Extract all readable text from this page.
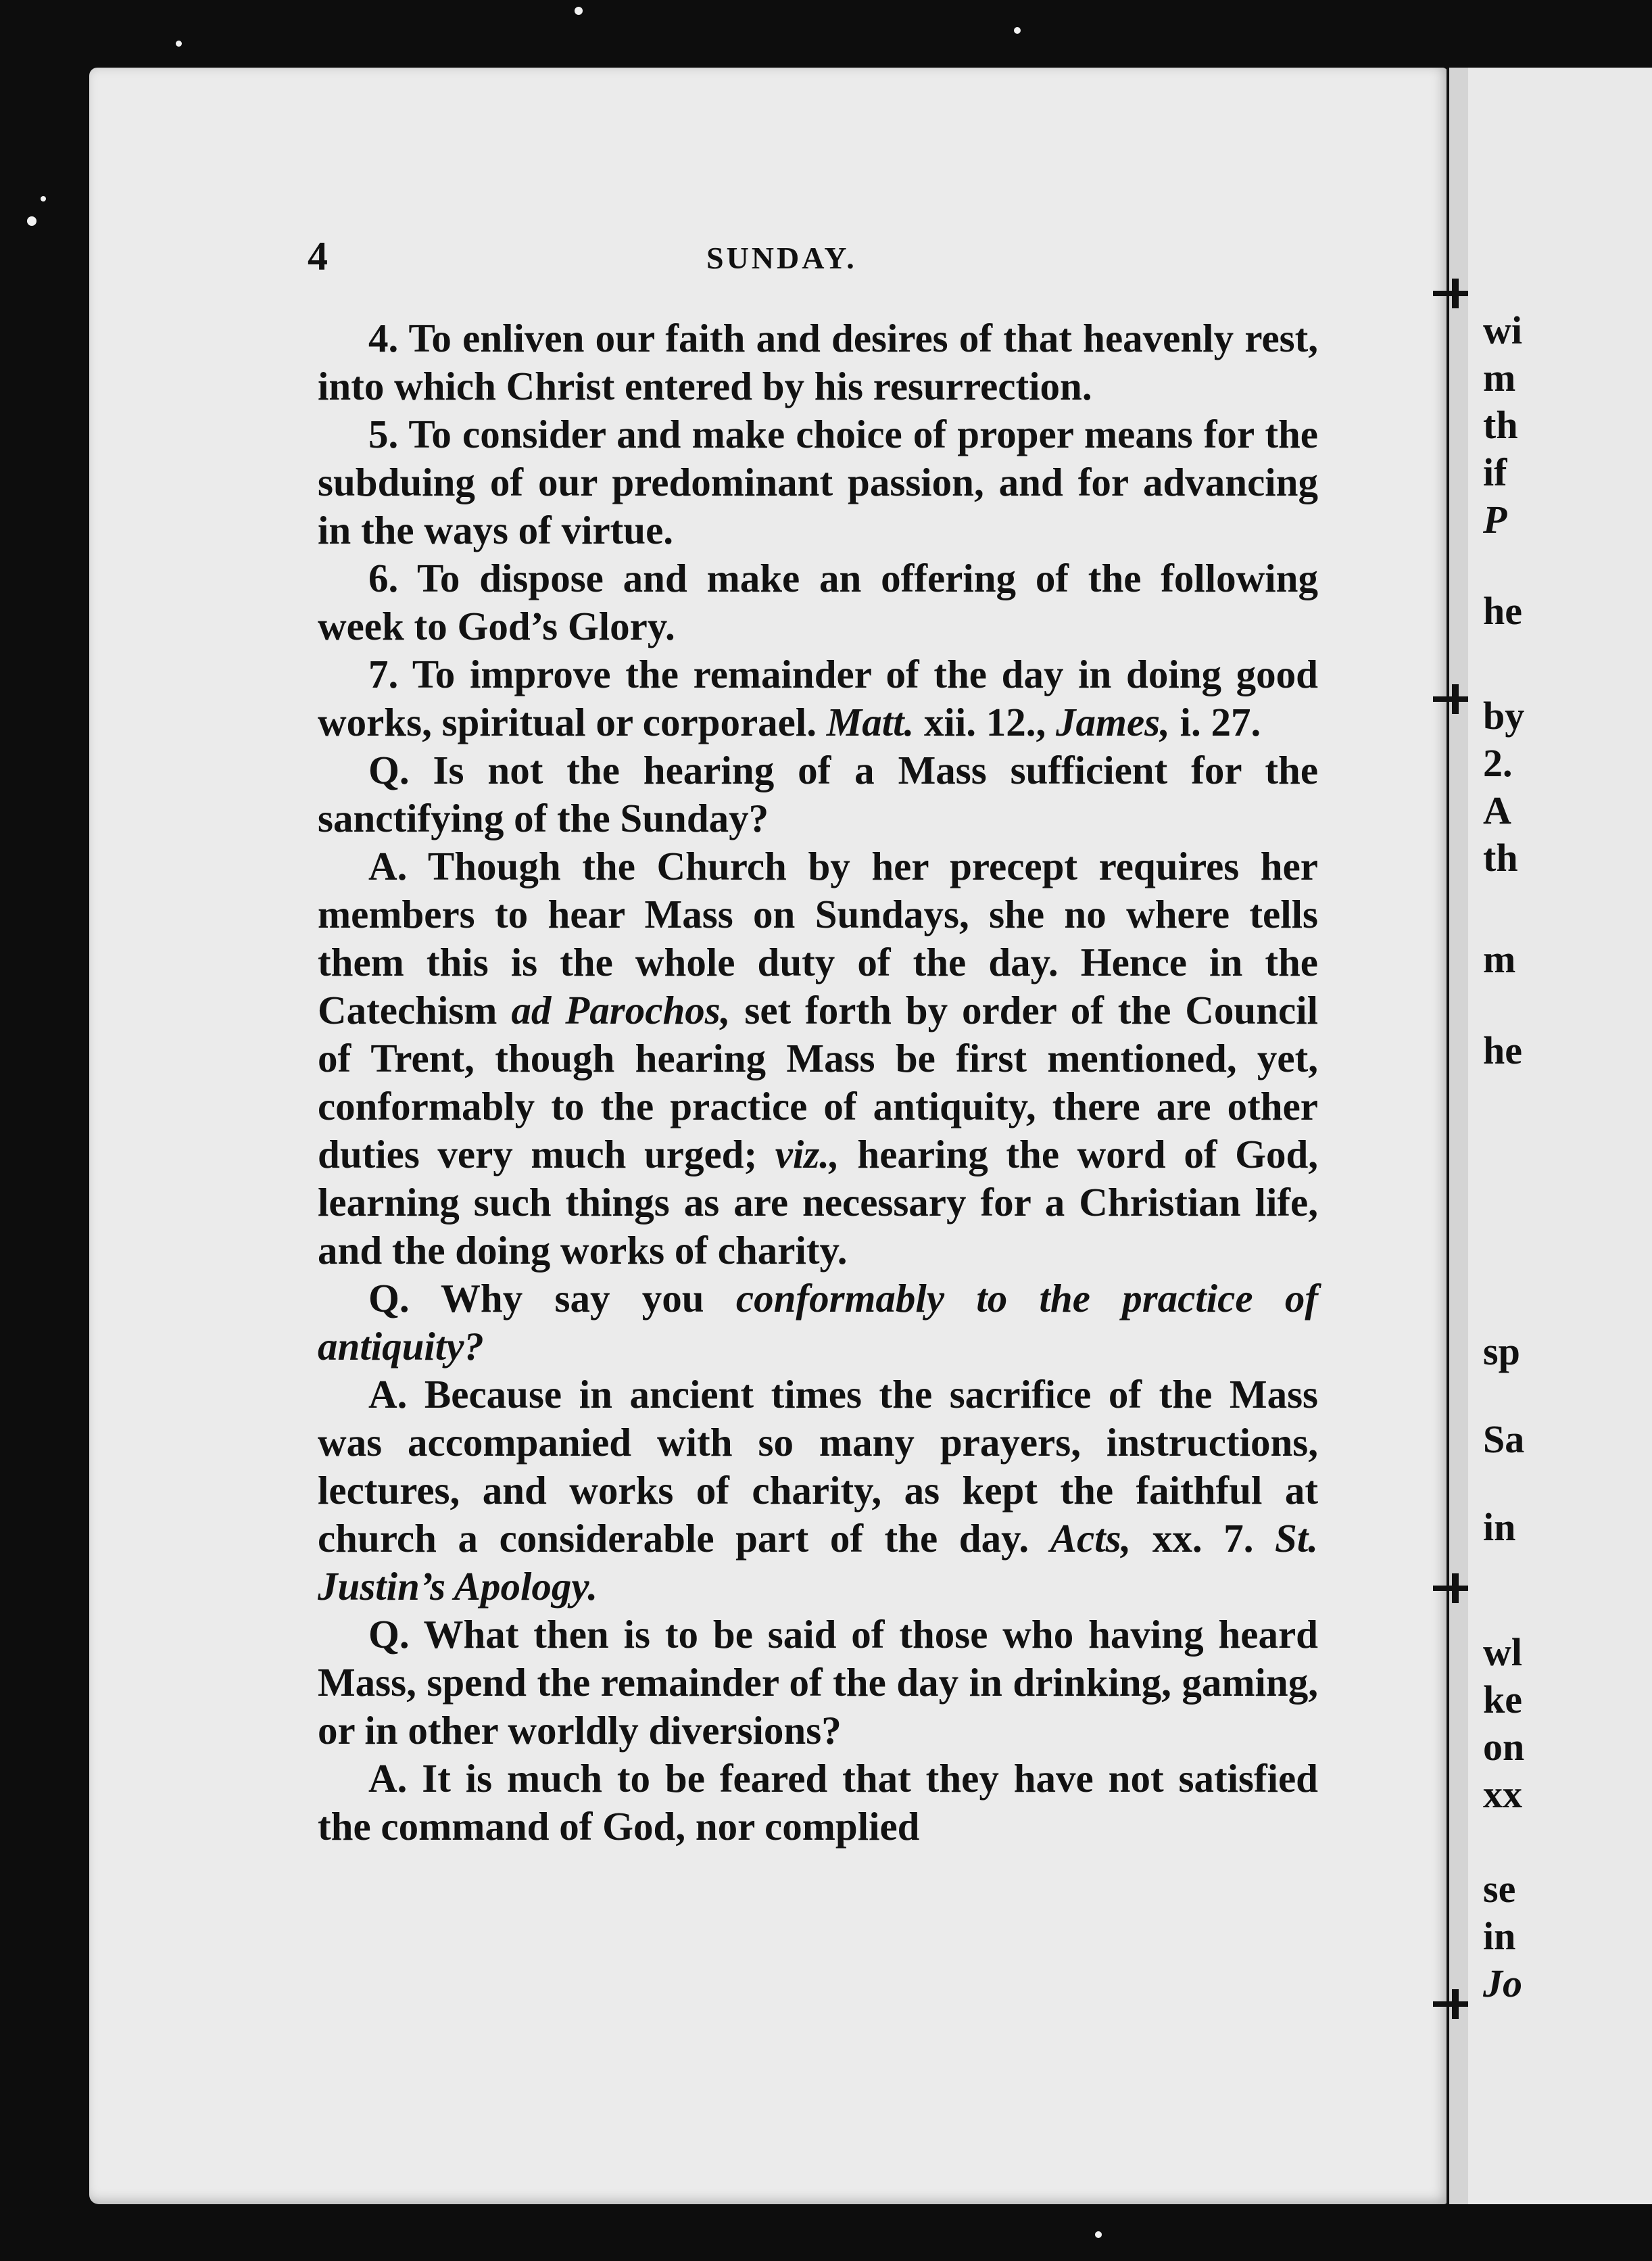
wi
m
th
if
P
he
by
2.
A
th
m
he
sp
Sa
in
wl
ke
on
xx
se
in
Jo
4	SUNDAY.

4. To enliven our faith and desires of that heavenly rest, into which Christ entered by his resurrection.

5. To consider and make choice of proper means for the subduing of our predominant passion, and for advancing in the ways of virtue.

6. To dispose and make an offering of the following week to God’s Glory.

7. To improve the remainder of the day in doing good works, spiritual or corporael. Matt. xii. 12., James, i. 27.

Q. Is not the hearing of a Mass sufficient for the sanctifying of the Sunday?

A. Though the Church by her precept requires her members to hear Mass on Sundays, she no where tells them this is the whole duty of the day. Hence in the Catechism ad Parochos, set forth by order of the Council of Trent, though hearing Mass be first mentioned, yet, conformably to the practice of antiquity, there are other duties very much urged; viz., hearing the word of God, learning such things as are necessary for a Christian life, and the doing works of charity.

Q. Why say you conformably to the practice of antiquity?

A. Because in ancient times the sacrifice of the Mass was accompanied with so many prayers, instructions, lectures, and works of charity, as kept the faithful at church a considerable part of the day. Acts, xx. 7. St. Justin’s Apology.

Q. What then is to be said of those who having heard Mass, spend the remainder of the day in drinking, gaming, or in other worldly diversions?

A. It is much to be feared that they have not satisfied the command of God, nor complied
